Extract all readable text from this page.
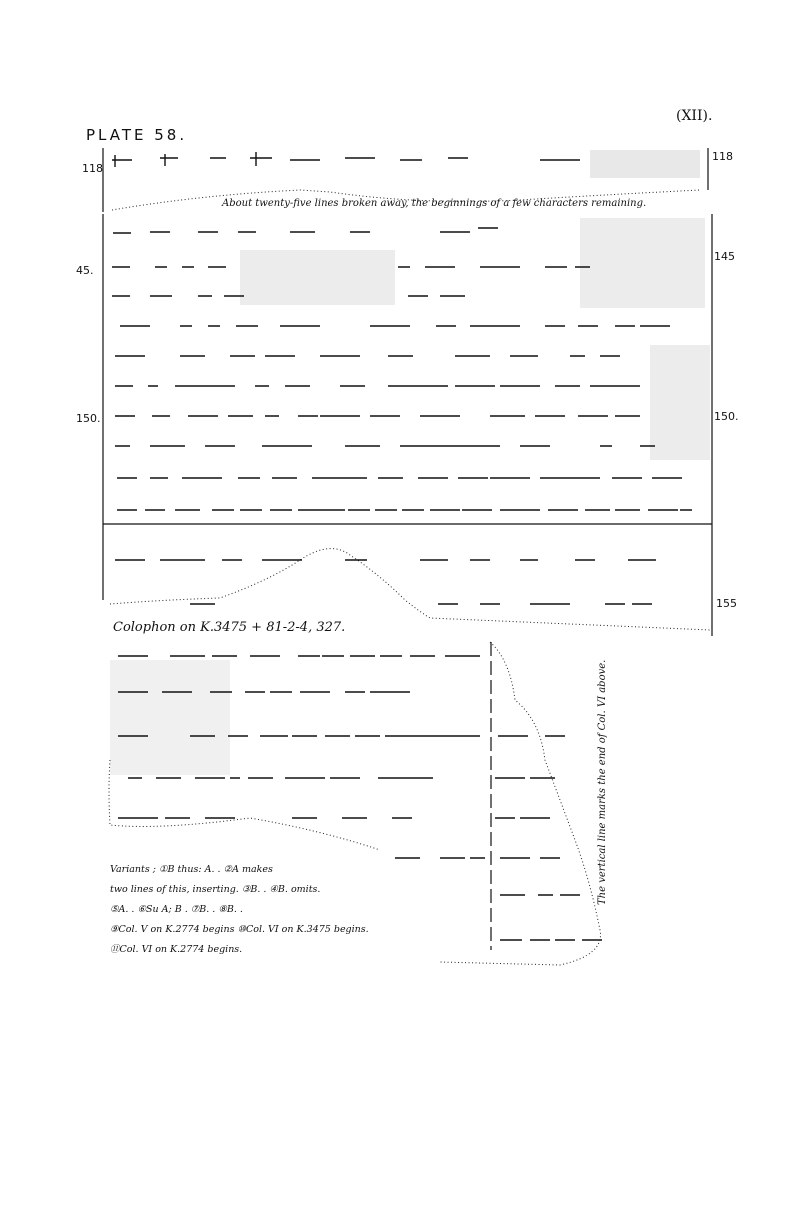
PLATE 58.
(XII).
118
118
45.
145
150.	150.
155
About twenty-five lines broken away, the beginnings of a few characters remaining.
Colophon on K.3475 + 81-2-4, 327.
The vertical line marks the end of Col. VI above.
Variants ; ①B thus: A. . ②A makes
two lines of this, inserting. ③B. . ④B. omits.
⑤A. . ⑥Su A; B . ⑦B. . ⑧B. .
⑨Col. V on K.2774 begins ⑩Col. VI on K.3475 begins.
⑪Col. VI on K.2774 begins.
